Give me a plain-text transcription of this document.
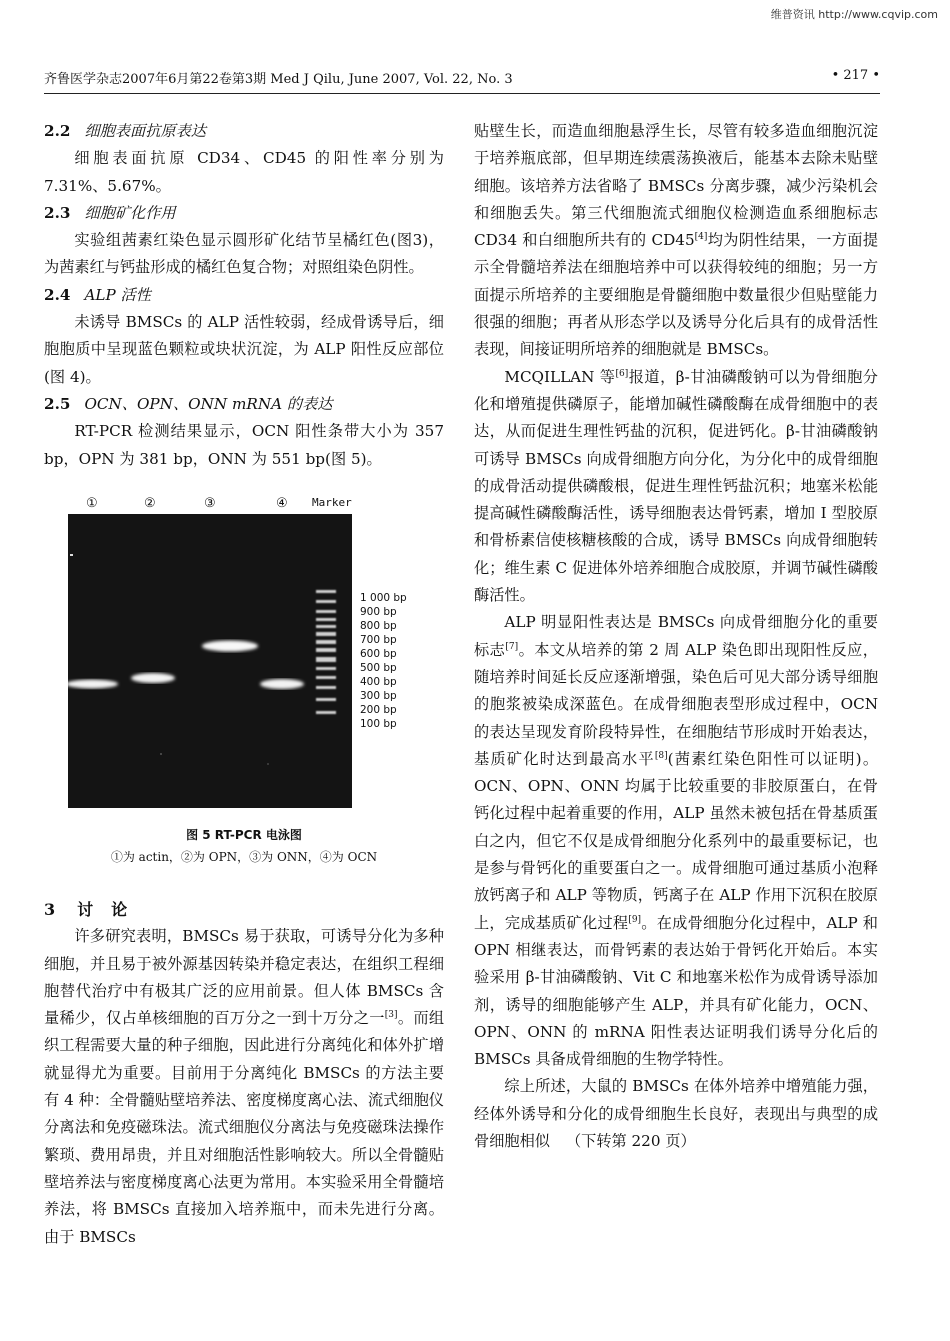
维普资讯 http://www.cqvip.com
齐鲁医学杂志2007年6月第22卷第3期 Med J Qilu, June 2007, Vol. 22, No. 3	• 217 •

2.2 细胞表面抗原表达

细胞表面抗原 CD34、CD45 的阳性率分别为 7.31%、5.67%。

2.3 细胞矿化作用

实验组茜素红染色显示圆形矿化结节呈橘红色(图3)，为茜素红与钙盐形成的橘红色复合物；对照组染色阴性。

2.4 ALP 活性

未诱导 BMSCs 的 ALP 活性较弱，经成骨诱导后，细胞胞质中呈现蓝色颗粒或块状沉淀，为 ALP 阳性反应部位(图 4)。

2.5 OCN、OPN、ONN mRNA 的表达

RT-PCR 检测结果显示，OCN 阳性条带大小为 357 bp，OPN 为 381 bp，ONN 为 551 bp(图 5)。

①	②	③	④ Marker
1 000 bp
900 bp
800 bp
700 bp
600 bp
500 bp
400 bp
300 bp
200 bp
100 bp
图 5 RT-PCR 电泳图
①为 actin，②为 OPN，③为 ONN，④为 OCN

3 讨论

许多研究表明，BMSCs 易于获取，可诱导分化为多种细胞，并且易于被外源基因转染并稳定表达，在组织工程细胞替代治疗中有极其广泛的应用前景。但人体 BMSCs 含量稀少，仅占单核细胞的百万分之一到十万分之一[3]。而组织工程需要大量的种子细胞，因此进行分离纯化和体外扩增就显得尤为重要。目前用于分离纯化 BMSCs 的方法主要有 4 种：全骨髓贴壁培养法、密度梯度离心法、流式细胞仪分离法和免疫磁珠法。流式细胞仪分离法与免疫磁珠法操作繁琐、费用昂贵，并且对细胞活性影响较大。所以全骨髓贴壁培养法与密度梯度离心法更为常用。本实验采用全骨髓培养法，将 BMSCs 直接加入培养瓶中，而未先进行分离。由于 BMSCs

贴壁生长，而造血细胞悬浮生长，尽管有较多造血细胞沉淀于培养瓶底部，但早期连续震荡换液后，能基本去除未贴壁细胞。该培养方法省略了 BMSCs 分离步骤，减少污染机会和细胞丢失。第三代细胞流式细胞仪检测造血系细胞标志 CD34 和白细胞所共有的 CD45[4]均为阴性结果，一方面提示全骨髓培养法在细胞培养中可以获得较纯的细胞；另一方面提示所培养的主要细胞是骨髓细胞中数量很少但贴壁能力很强的细胞；再者从形态学以及诱导分化后具有的成骨活性表现，间接证明所培养的细胞就是 BMSCs。

MCQILLAN 等[6]报道，β-甘油磷酸钠可以为骨细胞分化和增殖提供磷原子，能增加碱性磷酸酶在成骨细胞中的表达，从而促进生理性钙盐的沉积，促进钙化。β-甘油磷酸钠可诱导 BMSCs 向成骨细胞方向分化，为分化中的成骨细胞的成骨活动提供磷酸根，促进生理性钙盐沉积；地塞米松能提高碱性磷酸酶活性，诱导细胞表达骨钙素，增加 I 型胶原和骨桥素信使核糖核酸的合成，诱导 BMSCs 向成骨细胞转化；维生素 C 促进体外培养细胞合成胶原，并调节碱性磷酸酶活性。

ALP 明显阳性表达是 BMSCs 向成骨细胞分化的重要标志[7]。本文从培养的第 2 周 ALP 染色即出现阳性反应，随培养时间延长反应逐渐增强，染色后可见大部分诱导细胞的胞浆被染成深蓝色。在成骨细胞表型形成过程中，OCN 的表达呈现发育阶段特异性，在细胞结节形成时开始表达，基质矿化时达到最高水平[8](茜素红染色阳性可以证明)。OCN、OPN、ONN 均属于比较重要的非胶原蛋白，在骨钙化过程中起着重要的作用，ALP 虽然未被包括在骨基质蛋白之内，但它不仅是成骨细胞分化系列中的最重要标记，也是参与骨钙化的重要蛋白之一。成骨细胞可通过基质小泡释放钙离子和 ALP 等物质，钙离子在 ALP 作用下沉积在胶原上，完成基质矿化过程[9]。在成骨细胞分化过程中，ALP 和 OPN 相继表达，而骨钙素的表达始于骨钙化开始后。本实验采用 β-甘油磷酸钠、Vit C 和地塞米松作为成骨诱导添加剂，诱导的细胞能够产生 ALP，并具有矿化能力，OCN、OPN、ONN 的 mRNA 阳性表达证明我们诱导分化后的 BMSCs 具备成骨细胞的生物学特性。

综上所述，大鼠的 BMSCs 在体外培养中增殖能力强，经体外诱导和分化的成骨细胞生长良好，表现出与典型的成骨细胞相似 （下转第 220 页）
